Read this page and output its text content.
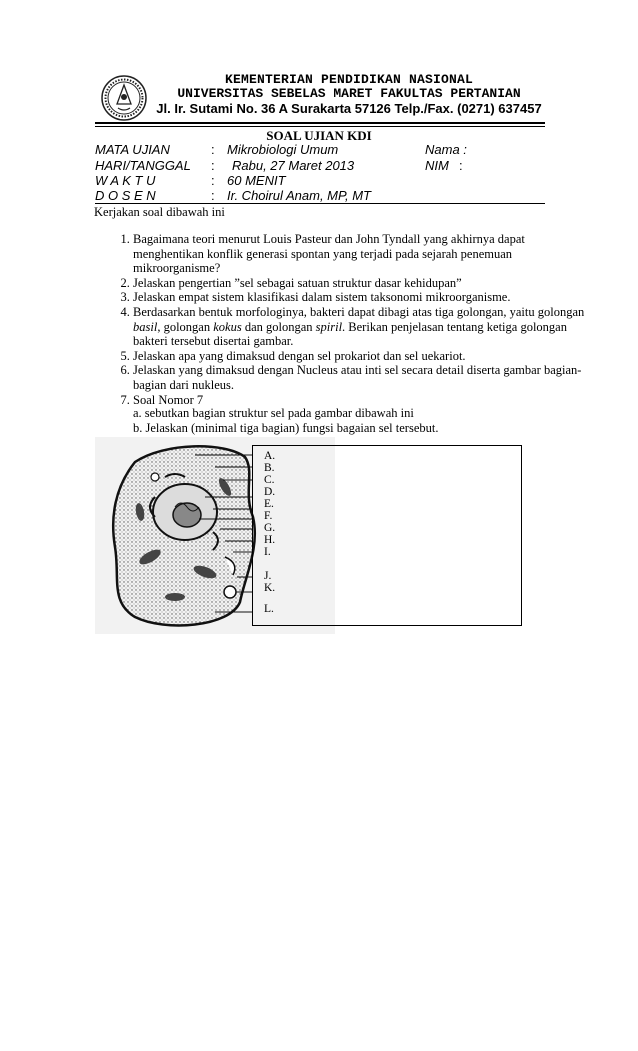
KEMENTERIAN PENDIDIKAN NASIONAL
UNIVERSITAS SEBELAS MARET FAKULTAS PERTANIAN
Jl. Ir. Sutami No. 36 A Surakarta 57126 Telp./Fax. (0271) 637457
SOAL UJIAN KDI
MATA UJIAN	: Mikrobiologi Umum	Nama :
HARI/TANGGAL : Rabu, 27 Maret 2013	NIM :
W A K T U	: 60 MENIT
D O S E N	: Ir. Choirul Anam, MP, MT
Kerjakan soal dibawah ini
1. Bagaimana teori menurut Louis Pasteur dan John Tyndall yang akhirnya dapat menghentikan konflik generasi spontan yang terjadi pada sejarah penemuan mikroorganisme?
2. Jelaskan pengertian ”sel sebagai satuan struktur dasar kehidupan”
3. Jelaskan empat sistem klasifikasi dalam sistem taksonomi mikroorganisme.
4. Berdasarkan bentuk morfologinya, bakteri dapat dibagi atas tiga golongan, yaitu golongan basil, golongan kokus dan golongan spiril. Berikan penjelasan tentang ketiga golongan bakteri tersebut disertai gambar.
5. Jelaskan apa yang dimaksud dengan sel prokariot dan sel uekariot.
6. Jelaskan yang dimaksud dengan Nucleus atau inti sel secara detail diserta gambar bagian-bagian dari nukleus.
7. Soal Nomor 7
a. sebutkan bagian struktur sel pada gambar dibawah ini
b. Jelaskan (minimal tiga bagian) fungsi bagaian sel tersebut.
A.
B.
C.
D.
E.
F.
G.
H.
I.
J.
K.
L.
